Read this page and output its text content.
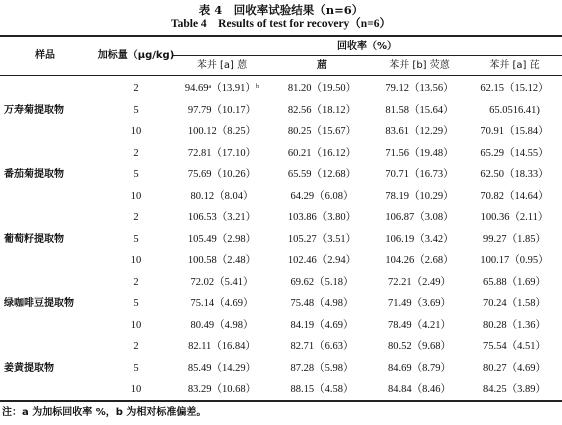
表 4　回收率试验结果（n=6）
Table 4　Results of test for recovery（n=6）
样品	加标量（μg/kg)
回收率（%）
苯并 [a] 蒽	䓛	苯并 [b] 荧蒽	苯并 [a] 芘
万寿菊提取物
2	94.69ᵃ（13.91）ᵇ	81.20（19.50）	79.12（13.56）	62.15（15.12）
5	97.79（10.17）	82.56（18.12）	81.58（15.64）	65.0516.41)
10	100.12（8.25）	80.25（15.67）	83.61（12.29）	70.91（15.84）
番茄菊提取物
2	72.81（17.10）	60.21（16.12）	71.56（19.48）	65.29（14.55）
5	75.69（10.26）	65.59（12.68）	70.71（16.73）	62.50（18.33）
10	80.12（8.04）	64.29（6.08）	78.19（10.29）	70.82（14.64）
葡萄籽提取物
2	106.53（3.21）	103.86（3.80）	106.87（3.08）	100.36（2.11）
5	105.49（2.98）	105.27（3.51）	106.19（3.42）	99.27（1.85）
10	100.58（2.48）	102.46（2.94）	104.26（2.68）	100.17（0.95）
绿咖啡豆提取物
2	72.02（5.41）	69.62（5.18）	72.21（2.49）	65.88（1.69）
5	75.14（4.69）	75.48（4.98）	71.49（3.69）	70.24（1.58）
10	80.49（4.98）	84.19（4.69）	78.49（4.21）	80.28（1.36）
姜黄提取物
2	82.11（16.84）	82.71（6.63）	80.52（9.68）	75.54（4.51）
5	85.49（14.29）	87.28（5.98）	84.69（8.79）	80.27（4.69）
10	83.29（10.68）	88.15（4.58）	84.84（8.46）	84.25（3.89）
注：a 为加标回收率 %，b 为相对标准偏差。
